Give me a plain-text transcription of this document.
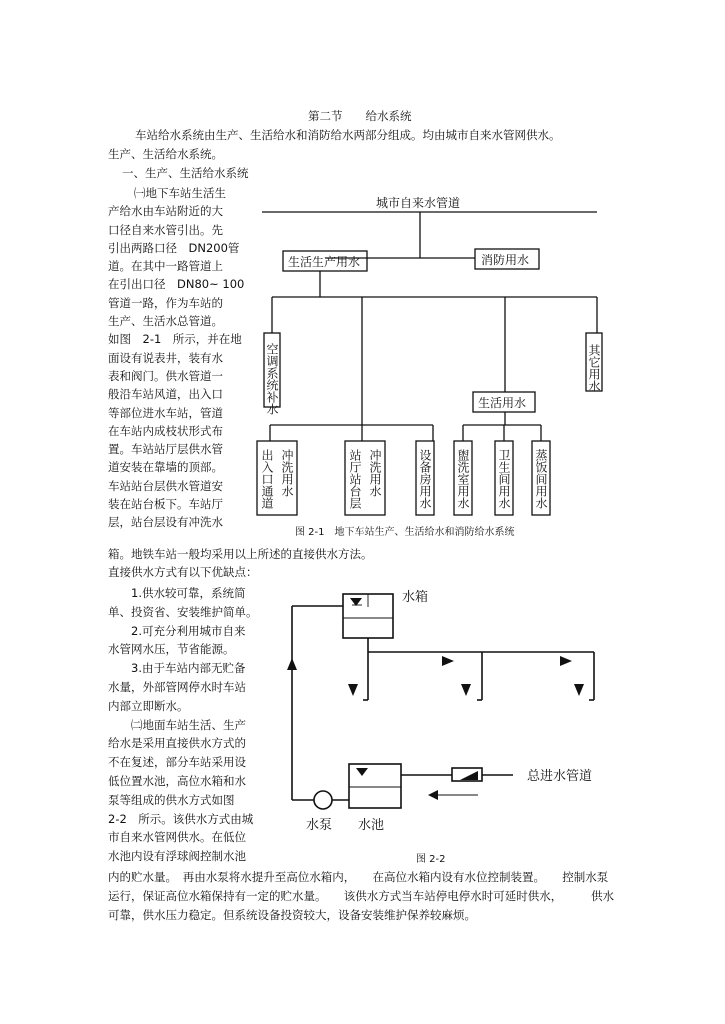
第二节　　给水系统
车站给水系统由生产、生活给水和消防给水两部分组成。均由城市自来水管网供水。
生产、生活给水系统。
一、生产、生活给水系统
㈠地下车站生活生
产给水由车站附近的大
口径自来水管引出。先
引出两路口径　DN200管
道。在其中一路管道上
在引出口径　DN80~ 100
管道一路，作为车站的
生产、生活水总管道。
如图　2-1　所示，并在地
面设有说表井，装有水
表和阀门。供水管道一
般沿车站风道，出入口
等部位进水车站，管道
在车站内成枝状形式布
置。车站站厅层供水管
道安装在靠墙的顶部。
车站站台层供水管道安
装在站台板下。车站厅
层，站台层设有冲洗水
箱。地铁车站一般均采用以上所述的直接供水方法。
直接供水方式有以下优缺点：
　　1.供水较可靠，系统简
单、投资省、安装维护简单。
　　2.可充分利用城市自来
水管网水压，节省能源。
　　3.由于车站内部无贮备
水量，外部管网停水时车站
内部立即断水。
　　㈡地面车站生活、生产
给水是采用直接供水方式的
不在复述，部分车站采用设
低位置水池，高位水箱和水
泵等组成的供水方式如图
2-2　所示。该供水方式由城
市自来水管网供水。在低位
水池内设有浮球阀控制水池
内的贮水量。　再由水泵将水提升至高位水箱内，　　在高位水箱内设有水位控制装置。　　控制水泵
运行，保证高位水箱保持有一定的贮水量。　　该供水方式当车站停电停水时可延时供水，　　　供水
可靠，供水压力稳定。但系统设备投资较大，设备安装维护保养较麻烦。
城市自来水管道
生活生产用水	消防用水
生活用水
空调系统补水	其它用水
冲洗用水
出入口通道	冲洗用水
站厅站台层	设备房用水 盥洗室用水 卫生间用水 蒸饭间用水
图 2-1　地下车站生产、生活给水和消防给水系统
水箱
总进水管道
水泵 水池
图 2-2
